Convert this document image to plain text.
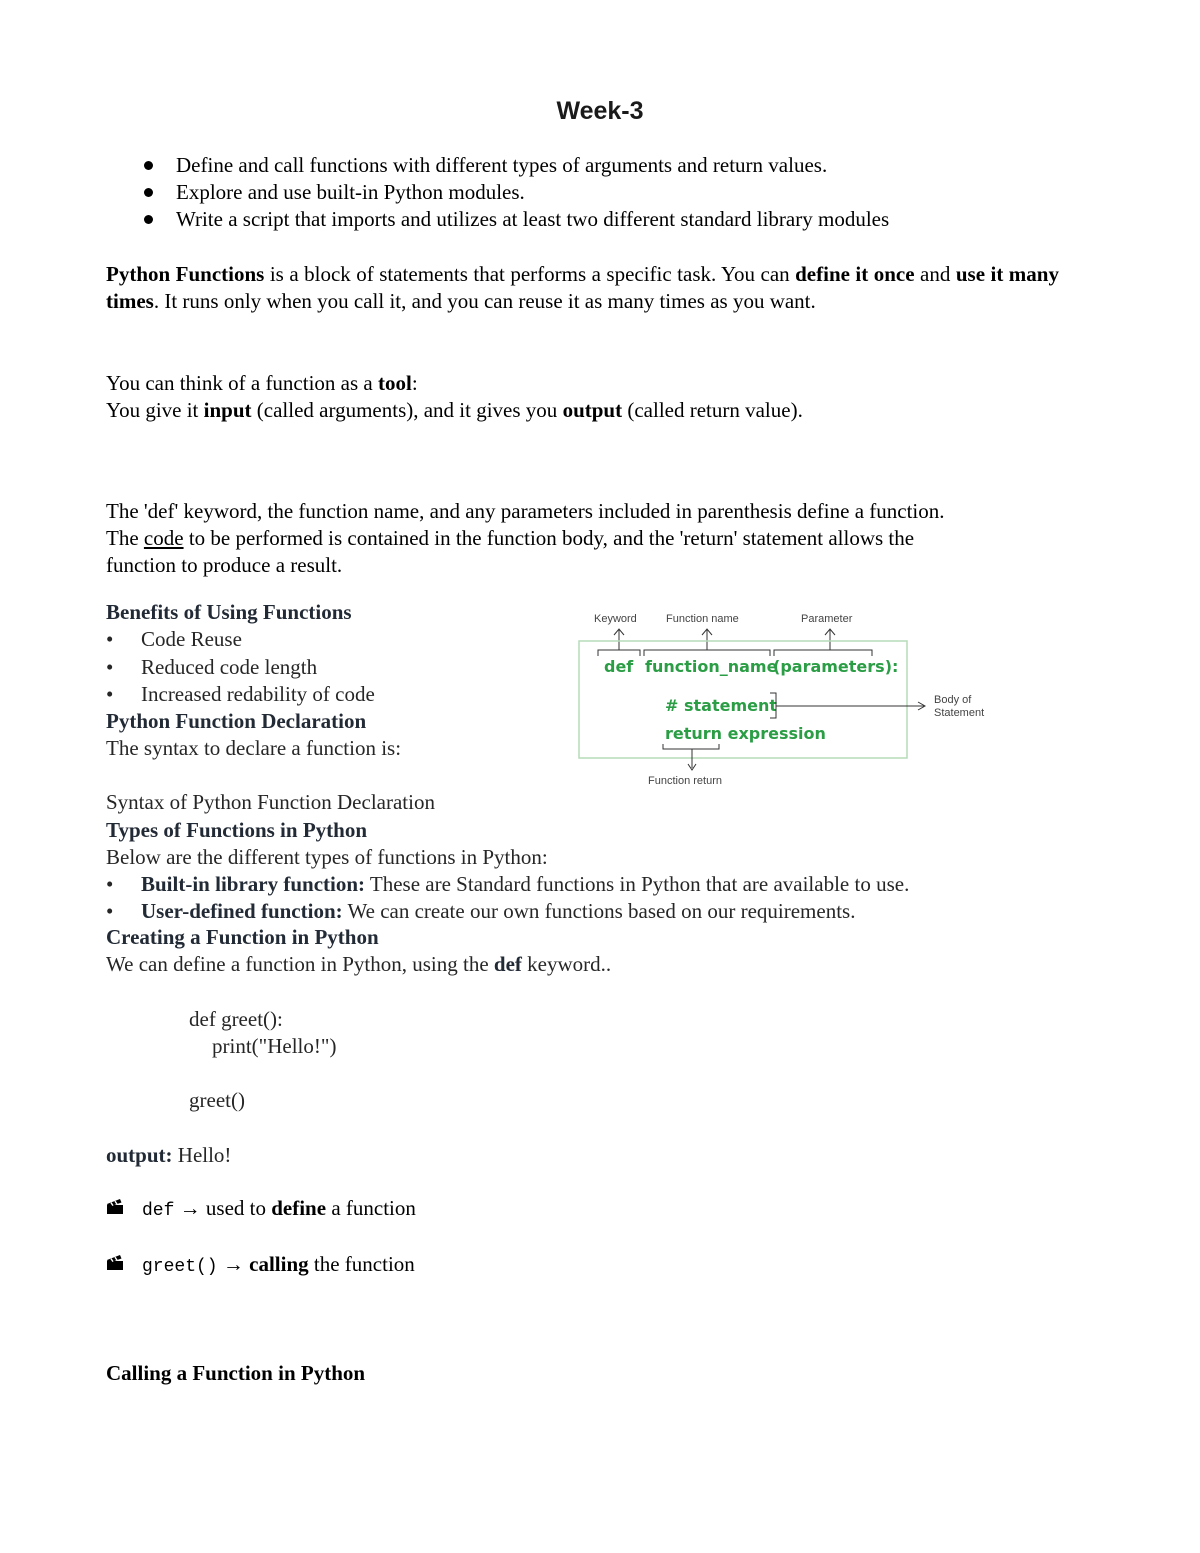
Week-3
Define and call functions with different types of arguments and return values.
Explore and use built-in Python modules.
Write a script that imports and utilizes at least two different standard library modules

Python Functions is a block of statements that performs a specific task. You can define it once and use it many times. It runs only when you call it, and you can reuse it as many times as you want.

You can think of a function as a tool:

You give it input (called arguments), and it gives you output (called return value).

The 'def' keyword, the function name, and any parameters included in parenthesis define a function.

The code to be performed is contained in the function body, and the 'return' statement allows the

function to produce a result.

Benefits of Using Functions

• Code Reuse

• Reduced code length

• Increased redability of code

Python Function Declaration

The syntax to declare a function is:

Keyword	Function name	Parameter
def function_name
(parameters):
# statement
return expression
Body of
Statement
Function return

Syntax of Python Function Declaration

Types of Functions in Python

Below are the different types of functions in Python:

• Built-in library function: These are Standard functions in Python that are available to use.

• User-defined function: We can create our own functions based on our requirements.

Creating a Function in Python

We can define a function in Python, using the def keyword..

def greet():

print("Hello!")

greet()

output: Hello!

def → used to define a function

greet() → calling the function

Calling a Function in Python
